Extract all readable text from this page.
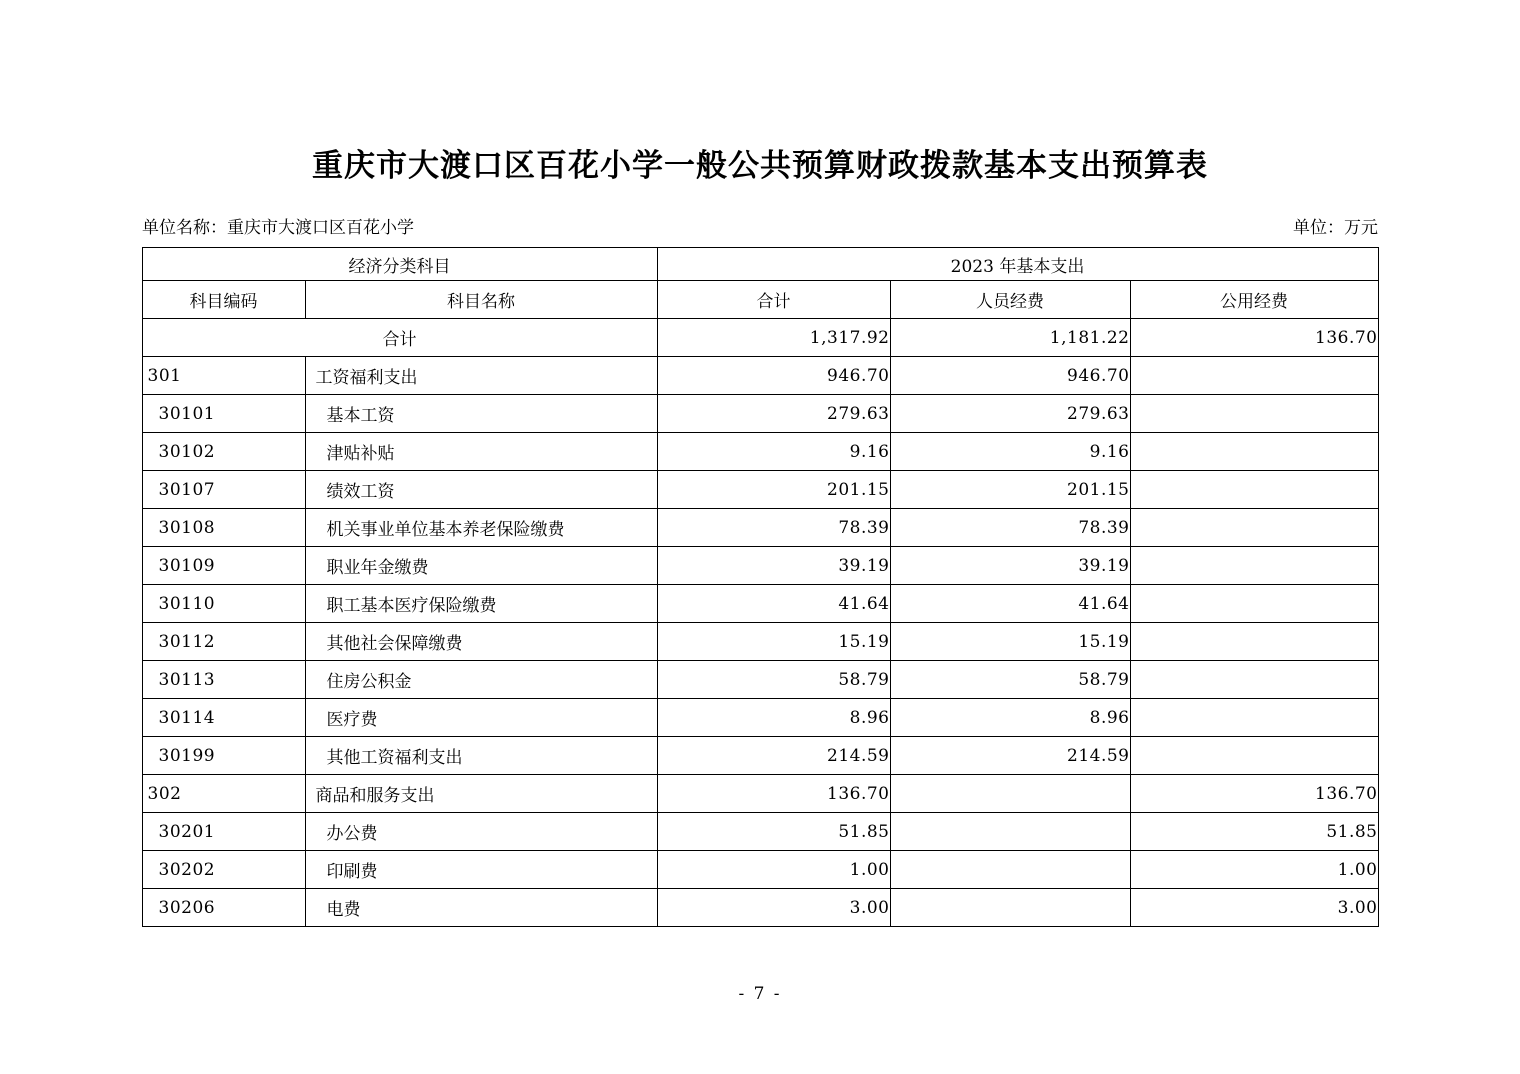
重庆市大渡口区百花小学一般公共预算财政拨款基本支出预算表
单位名称：重庆市大渡口区百花小学	单位：万元
经济分类科目		2023 年基本支出		
科目编码	科目名称	合计	人员经费	公用经费
合计		1,317.92	1,181.22	136.70
301	工资福利支出	946.70	946.70	
30101	基本工资	279.63	279.63	
30102	津贴补贴	9.16	9.16	
30107	绩效工资	201.15	201.15	
30108	机关事业单位基本养老保险缴费	78.39	78.39	
30109	职业年金缴费	39.19	39.19	
30110	职工基本医疗保险缴费	41.64	41.64	
30112	其他社会保障缴费	15.19	15.19	
30113	住房公积金	58.79	58.79	
30114	医疗费	8.96	8.96	
30199	其他工资福利支出	214.59	214.59	
302	商品和服务支出	136.70		136.70
30201	办公费	51.85		51.85
30202	印刷费	1.00		1.00
30206	电费	3.00		3.00
- 7 -
